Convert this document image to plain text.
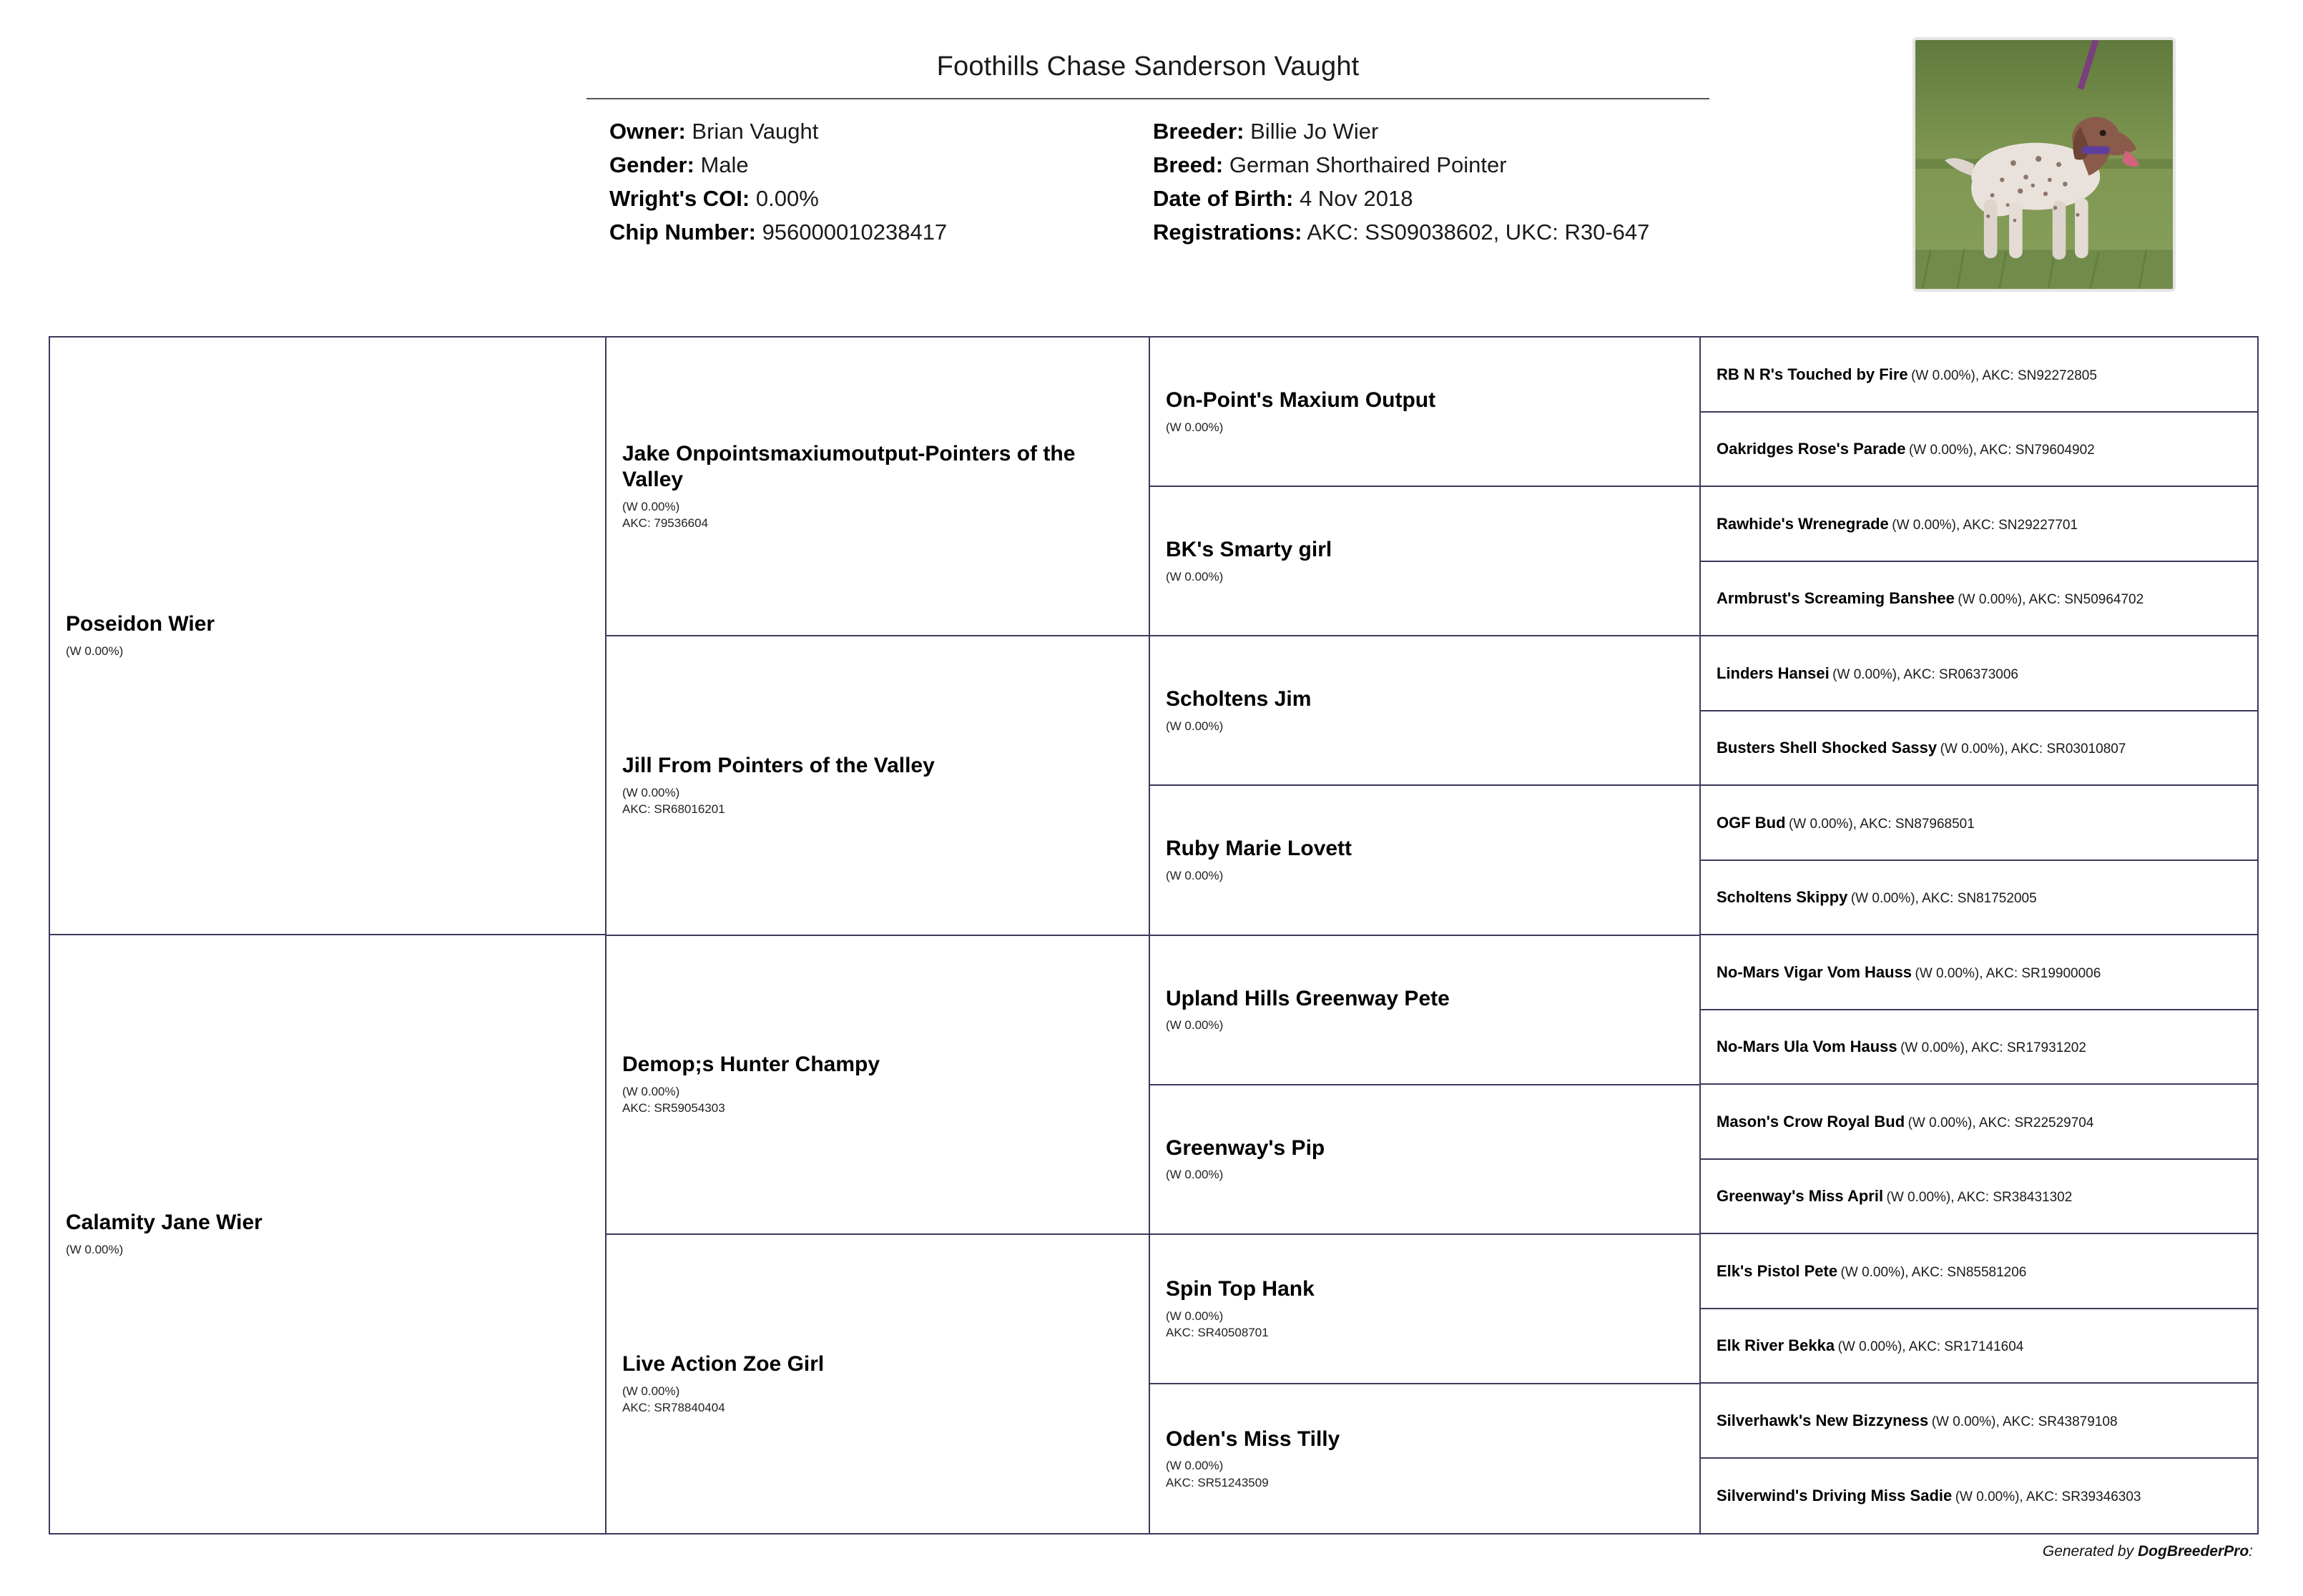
Foothills Chase Sanderson Vaught
Owner: Brian Vaught
Gender: Male
Wright's COI: 0.00%
Chip Number: 956000010238417
Breeder: Billie Jo Wier
Breed: German Shorthaired Pointer
Date of Birth: 4 Nov 2018
Registrations: AKC: SS09038602, UKC: R30-647
Poseidon Wier
(W 0.00%)
Calamity Jane Wier
(W 0.00%)
Jake Onpointsmaxiumoutput-Pointers of the Valley
(W 0.00%)
AKC: 79536604
Jill From Pointers of the Valley
(W 0.00%)
AKC: SR68016201
Demop;s Hunter Champy
(W 0.00%)
AKC: SR59054303
Live Action Zoe Girl
(W 0.00%)
AKC: SR78840404
On-Point's Maxium Output
(W 0.00%)
BK's Smarty girl
(W 0.00%)
Scholtens Jim
(W 0.00%)
Ruby Marie Lovett
(W 0.00%)
Upland Hills Greenway Pete
(W 0.00%)
Greenway's Pip
(W 0.00%)
Spin Top Hank
(W 0.00%)
AKC: SR40508701
Oden's Miss Tilly
(W 0.00%)
AKC: SR51243509
RB N R's Touched by Fire (W 0.00%), AKC: SN92272805
Oakridges Rose's Parade (W 0.00%), AKC: SN79604902
Rawhide's Wrenegrade (W 0.00%), AKC: SN29227701
Armbrust's Screaming Banshee (W 0.00%), AKC: SN50964702
Linders Hansei (W 0.00%), AKC: SR06373006
Busters Shell Shocked Sassy (W 0.00%), AKC: SR03010807
OGF Bud (W 0.00%), AKC: SN87968501
Scholtens Skippy (W 0.00%), AKC: SN81752005
No-Mars Vigar Vom Hauss (W 0.00%), AKC: SR19900006
No-Mars Ula Vom Hauss (W 0.00%), AKC: SR17931202
Mason's Crow Royal Bud (W 0.00%), AKC: SR22529704
Greenway's Miss April (W 0.00%), AKC: SR38431302
Elk's Pistol Pete (W 0.00%), AKC: SN85581206
Elk River Bekka (W 0.00%), AKC: SR17141604
Silverhawk's New Bizzyness (W 0.00%), AKC: SR43879108
Silverwind's Driving Miss Sadie (W 0.00%), AKC: SR39346303
Generated by DogBreederPro:
